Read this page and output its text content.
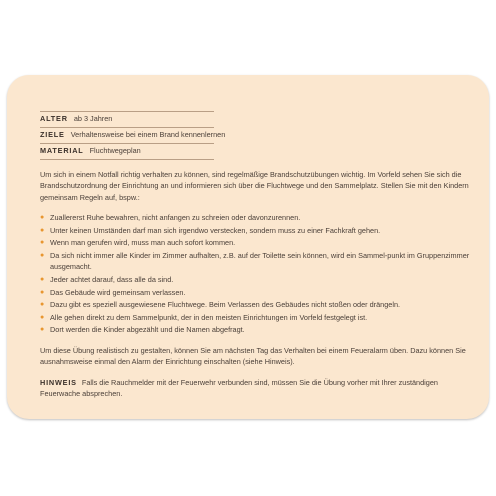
ALTER ab 3 Jahren
ZIELE Verhaltensweise bei einem Brand kennenlernen
MATERIAL Fluchtwegeplan

Um sich in einem Notfall richtig verhalten zu können, sind regelmäßige Brandschutzübungen wichtig. Im Vorfeld sehen Sie sich die Brandschutzordnung der Einrichtung an und informieren sich über die Fluchtwege und den Sammelplatz. Stellen Sie mit den Kindern gemeinsam Regeln auf, bspw.:

● Zuallererst Ruhe bewahren, nicht anfangen zu schreien oder davonzurennen.
● Unter keinen Umständen darf man sich irgendwo verstecken, sondern muss zu einer Fachkraft gehen.
● Wenn man gerufen wird, muss man auch sofort kommen.
● Da sich nicht immer alle Kinder im Zimmer aufhalten, z.B. auf der Toilette sein können, wird ein Sammel-punkt im Gruppenzimmer ausgemacht.
● Jeder achtet darauf, dass alle da sind.
● Das Gebäude wird gemeinsam verlassen.
● Dazu gibt es speziell ausgewiesene Fluchtwege. Beim Verlassen des Gebäudes nicht stoßen oder drängeln.
● Alle gehen direkt zu dem Sammelpunkt, der in den meisten Einrichtungen im Vorfeld festgelegt ist.
● Dort werden die Kinder abgezählt und die Namen abgefragt.

Um diese Übung realistisch zu gestalten, können Sie am nächsten Tag das Verhalten bei einem Feueralarm üben. Dazu können Sie ausnahmsweise einmal den Alarm der Einrichtung einschalten (siehe Hinweis).

HINWEIS Falls die Rauchmelder mit der Feuerwehr verbunden sind, müssen Sie die Übung vorher mit Ihrer zuständigen Feuerwache absprechen.
